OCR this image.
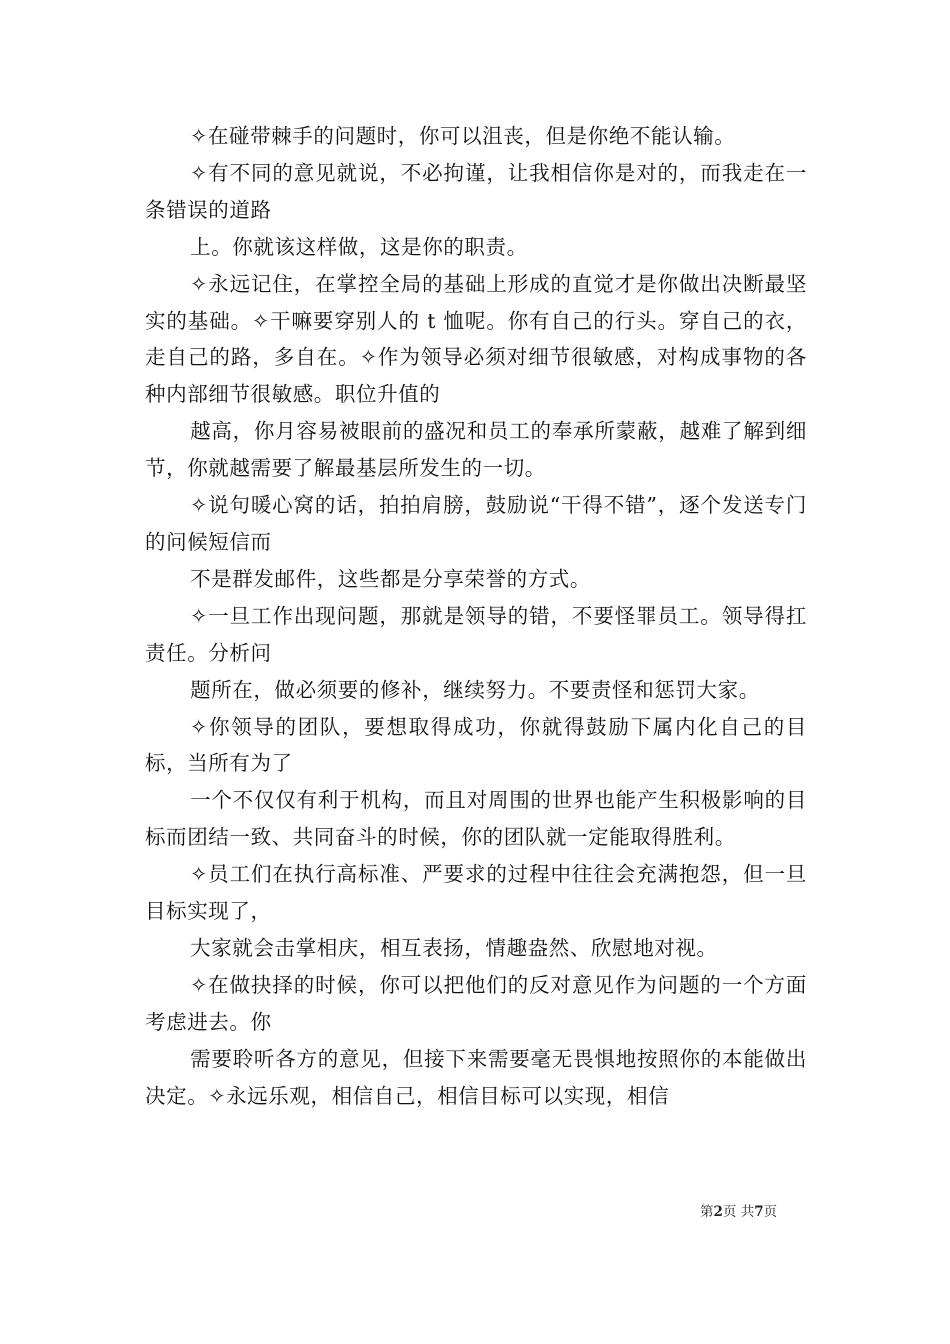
✧在碰带棘手的问题时，你可以沮丧，但是你绝不能认输。

✧有不同的意见就说，不必拘谨，让我相信你是对的，而我走在一条错误的道路

上。你就该这样做，这是你的职责。

✧永远记住，在掌控全局的基础上形成的直觉才是你做出决断最坚实的基础。✧干嘛要穿别人的 t 恤呢。你有自己的行头。穿自己的衣，走自己的路，多自在。✧作为领导必须对细节很敏感，对构成事物的各种内部细节很敏感。职位升值的

越高，你月容易被眼前的盛况和员工的奉承所蒙蔽，越难了解到细节，你就越需要了解最基层所发生的一切。

✧说句暖心窝的话，拍拍肩膀，鼓励说“干得不错”，逐个发送专门的问候短信而

不是群发邮件，这些都是分享荣誉的方式。

✧一旦工作出现问题，那就是领导的错，不要怪罪员工。领导得扛责任。分析问

题所在，做必须要的修补，继续努力。不要责怪和惩罚大家。

✧你领导的团队，要想取得成功，你就得鼓励下属内化自己的目标，当所有为了

一个不仅仅有利于机构，而且对周围的世界也能产生积极影响的目标而团结一致、共同奋斗的时候，你的团队就一定能取得胜利。

✧员工们在执行高标准、严要求的过程中往往会充满抱怨，但一旦目标实现了，

大家就会击掌相庆，相互表扬，情趣盎然、欣慰地对视。

✧在做抉择的时候，你可以把他们的反对意见作为问题的一个方面考虑进去。你

需要聆听各方的意见，但接下来需要毫无畏惧地按照你的本能做出决定。✧永远乐观，相信自己，相信目标可以实现，相信

第2页 共7页
